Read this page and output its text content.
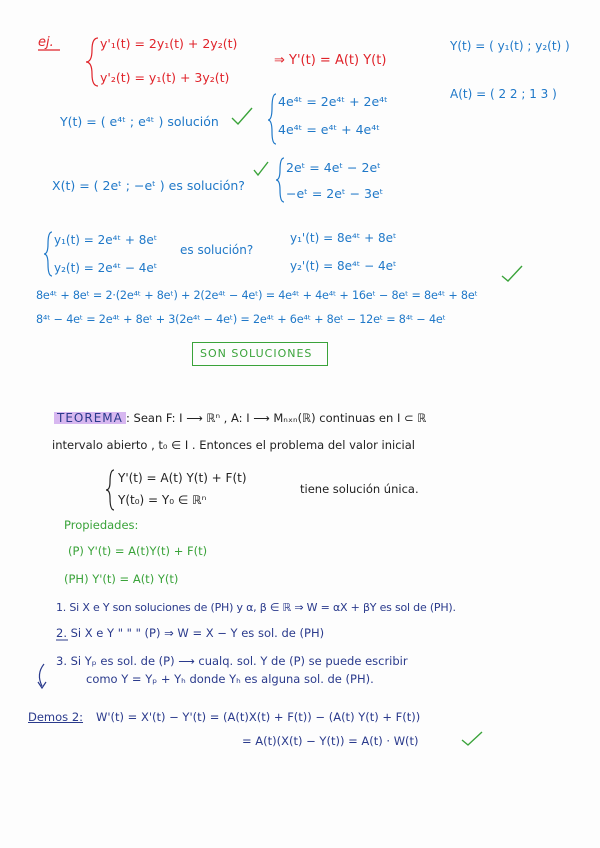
ej.	y'₁(t) = 2y₁(t) + 2y₂(t)
y'₂(t) = y₁(t) + 3y₂(t)
⇒ Y'(t) = A(t) Y(t)
Y(t) = ( y₁(t) ; y₂(t) )
A(t) = ( 2 2 ; 1 3 )
Y(t) = ( e⁴ᵗ ; e⁴ᵗ ) solución
4e⁴ᵗ = 2e⁴ᵗ + 2e⁴ᵗ
4e⁴ᵗ = e⁴ᵗ + 4e⁴ᵗ
X(t) = ( 2eᵗ ; −eᵗ ) es solución?
2eᵗ = 4eᵗ − 2eᵗ
−eᵗ = 2eᵗ − 3eᵗ
y₁(t) = 2e⁴ᵗ + 8eᵗ
y₂(t) = 2e⁴ᵗ − 4eᵗ
es solución?
y₁'(t) = 8e⁴ᵗ + 8eᵗ
y₂'(t) = 8e⁴ᵗ − 4eᵗ
8e⁴ᵗ + 8eᵗ = 2·(2e⁴ᵗ + 8eᵗ) + 2(2e⁴ᵗ − 4eᵗ) = 4e⁴ᵗ + 4e⁴ᵗ + 16eᵗ − 8eᵗ = 8e⁴ᵗ + 8eᵗ
8⁴ᵗ − 4eᵗ = 2e⁴ᵗ + 8eᵗ + 3(2e⁴ᵗ − 4eᵗ) = 2e⁴ᵗ + 6e⁴ᵗ + 8eᵗ − 12eᵗ = 8⁴ᵗ − 4eᵗ
SON SOLUCIONES
TEOREMA : Sean F: I ⟶ ℝⁿ , A: I ⟶ Mₙₓₙ(ℝ) continuas en I ⊂ ℝ
intervalo abierto , t₀ ∈ I . Entonces el problema del valor inicial
Y'(t) = A(t) Y(t) + F(t)
Y(t₀) = Y₀ ∈ ℝⁿ
tiene solución única.
Propiedades:
(P) Y'(t) = A(t)Y(t) + F(t)
(PH) Y'(t) = A(t) Y(t)
1. Si X e Y son soluciones de (PH) y α, β ∈ ℝ ⇒ W = αX + βY es sol de (PH).
2. Si X e Y " " " (P) ⇒ W = X − Y es sol. de (PH)
3. Si Yₚ es sol. de (P) ⟶ cualq. sol. Y de (P) se puede escribir
como Y = Yₚ + Yₕ donde Yₕ es alguna sol. de (PH).
Demos 2: W'(t) = X'(t) − Y'(t) = (A(t)X(t) + F(t)) − (A(t) Y(t) + F(t))
= A(t)(X(t) − Y(t)) = A(t) · W(t)
